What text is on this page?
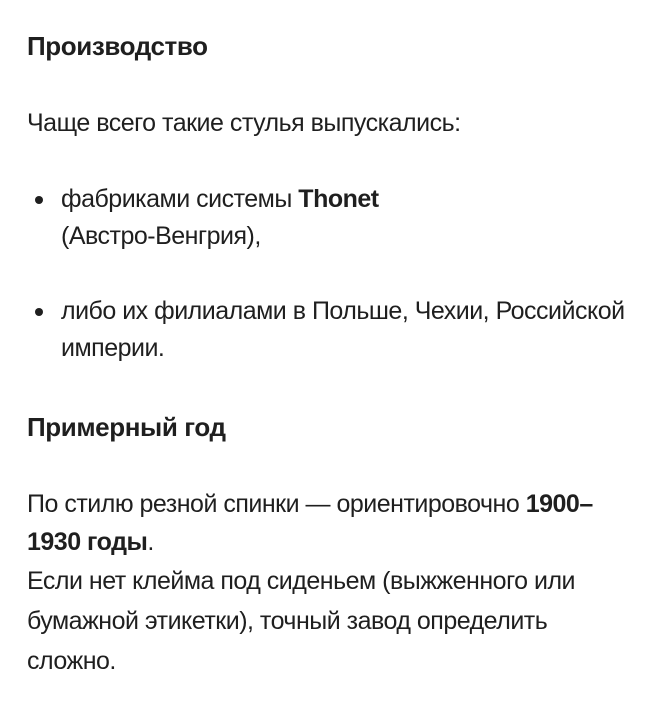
Производство

Чаще всего такие стулья выпускались:

фабриками системы Thonet
(Австро-Венгрия),
либо их филиалами в Польше, Чехии, Российской империи.
Примерный год

По стилю резной спинки — ориентировочно 1900–1930 годы.

Если нет клейма под сиденьем (выжженного или бумажной этикетки), точный завод определить сложно.
